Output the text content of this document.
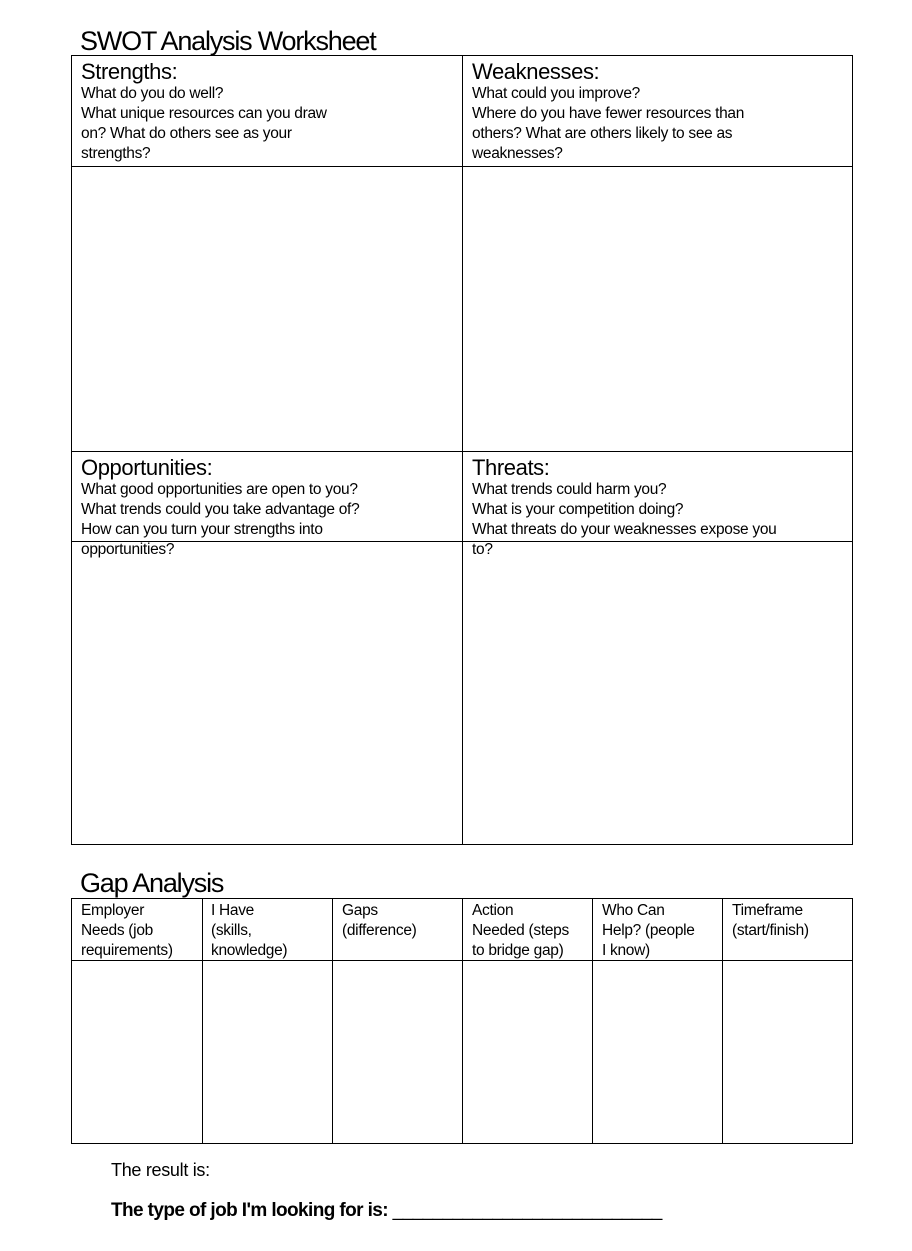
SWOT Analysis Worksheet
Strengths:
What do you do well?
What unique resources can you draw
on? What do others see as your
strengths?
Weaknesses:
What could you improve?
Where do you have fewer resources than
others? What are others likely to see as
weaknesses?
Opportunities:
What good opportunities are open to you?
What trends could you take advantage of?
How can you turn your strengths into
opportunities?
Threats:
What trends could harm you?
What is your competition doing?
What threats do your weaknesses expose you
to?
Gap Analysis
Employer
Needs (job
requirements)
I Have
(skills,
knowledge)
Gaps
(difference)
Action
Needed (steps
to bridge gap)
Who Can
Help? (people
I know)
Timeframe
(start/finish)
The result is:
The type of job I'm looking for is: ___________________________
